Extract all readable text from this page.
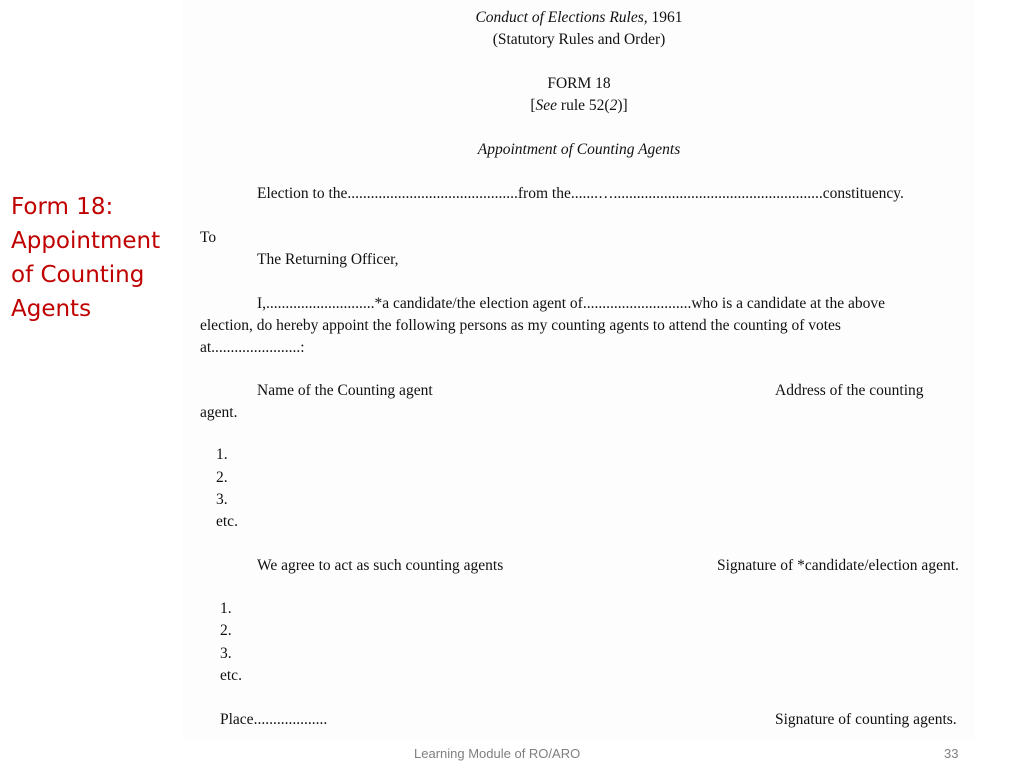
Form 18:
Appointment
of Counting
Agents
Conduct of Elections Rules, 1961
(Statutory Rules and Order)
FORM 18
[See rule 52(2)]
Appointment of Counting Agents
Election to the............................................from the.......…......................................................constituency.
To
The Returning Officer,
I,............................*a candidate/the election agent of............................who is a candidate at the above
election, do hereby appoint the following persons as my counting agents to attend the counting of votes
at.......................:
Name of the Counting agent	Address of the counting
agent.
1.
2.
3.
etc.
We agree to act as such counting agents	Signature of *candidate/election agent.
1.
2.
3.
etc.
Place...................	Signature of counting agents.
Learning Module of RO/ARO	33
